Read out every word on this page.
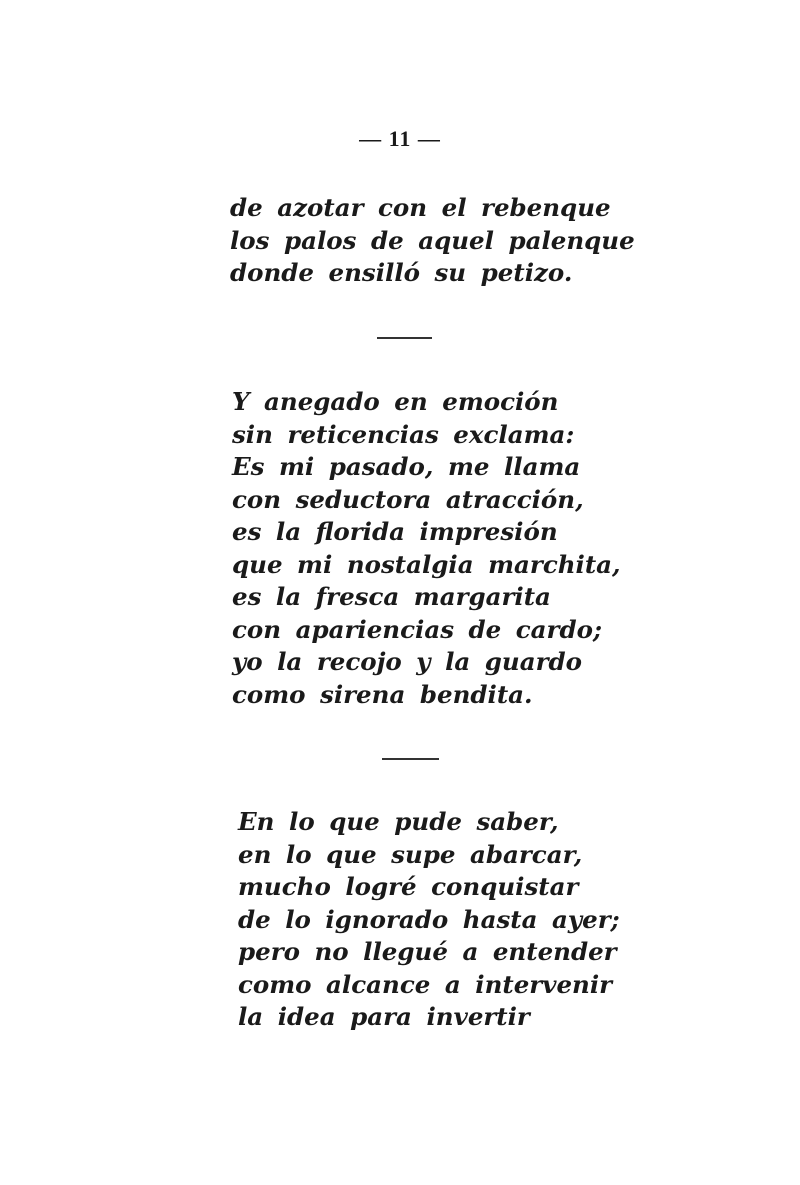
— 11 —
de azotar con el rebenque
los palos de aquel palenque
donde ensilló su petizo.
Y anegado en emoción
sin reticencias exclama:
Es mi pasado, me llama
con seductora atracción,
es la florida impresión
que mi nostalgia marchita,
es la fresca margarita
con apariencias de cardo;
yo la recojo y la guardo
como sirena bendita.
En lo que pude saber,
en lo que supe abarcar,
mucho logré conquistar
de lo ignorado hasta ayer;
pero no llegué a entender
como alcance a intervenir
la idea para invertir
